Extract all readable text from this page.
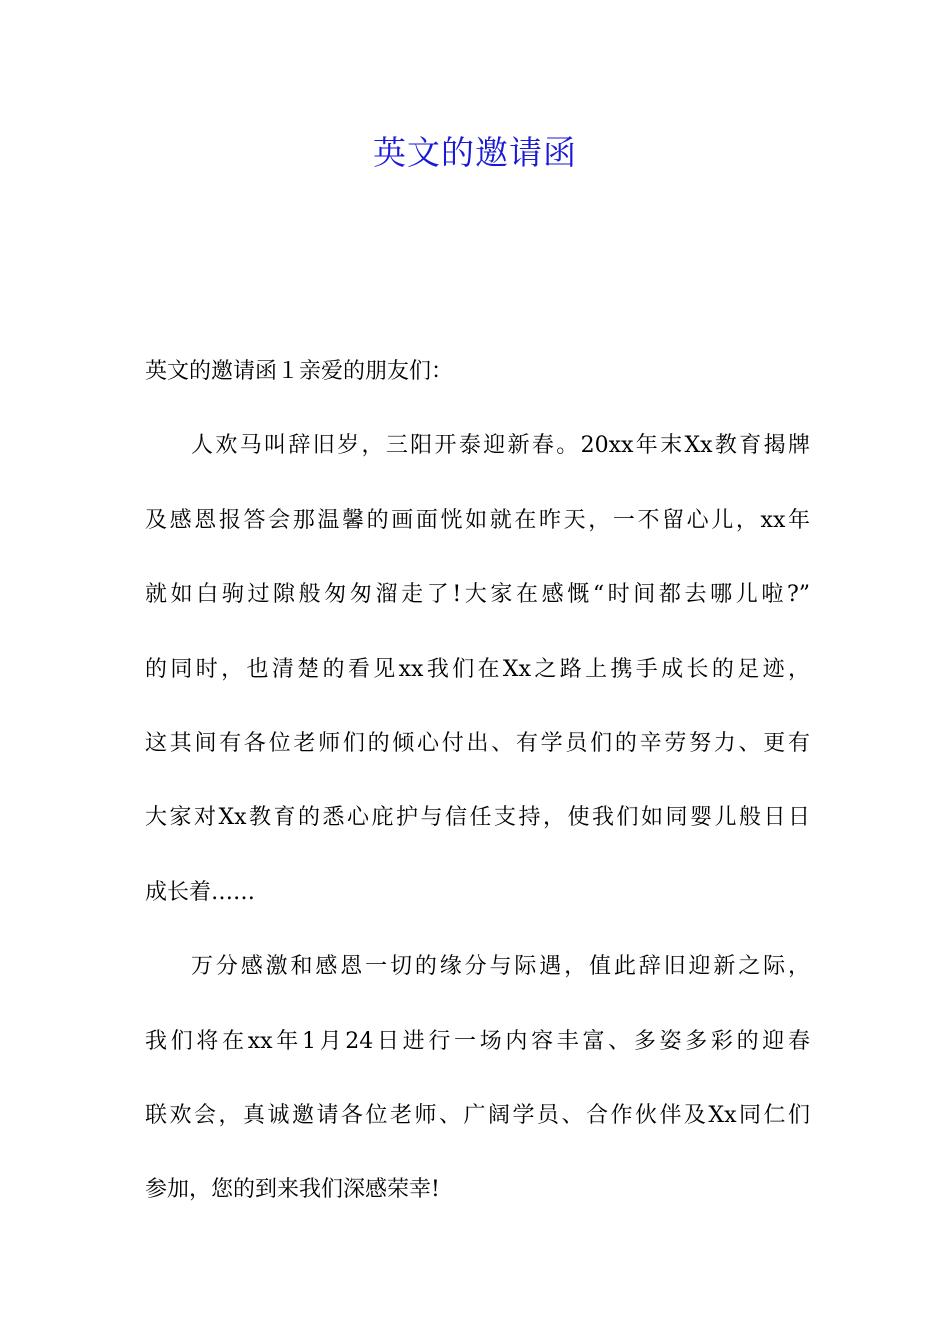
英文的邀请函

英文的邀请函１亲爱的朋友们：

人欢马叫辞旧岁，三阳开泰迎新春。20xx年末Xx教育揭牌
及感恩报答会那温馨的画面恍如就在昨天，一不留心儿，xx年
就如白驹过隙般匆匆溜走了!大家在感慨“时间都去哪儿啦?”
的同时，也清楚的看见xx我们在Xx之路上携手成长的足迹，
这其间有各位老师们的倾心付出、有学员们的辛劳努力、更有
大家对Xx教育的悉心庇护与信任支持，使我们如同婴儿般日日
成长着……

万分感激和感恩一切的缘分与际遇，值此辞旧迎新之际，
我们将在xx年1月24日进行一场内容丰富、多姿多彩的迎春
联欢会，真诚邀请各位老师、广阔学员、合作伙伴及Xx同仁们
参加，您的到来我们深感荣幸!
